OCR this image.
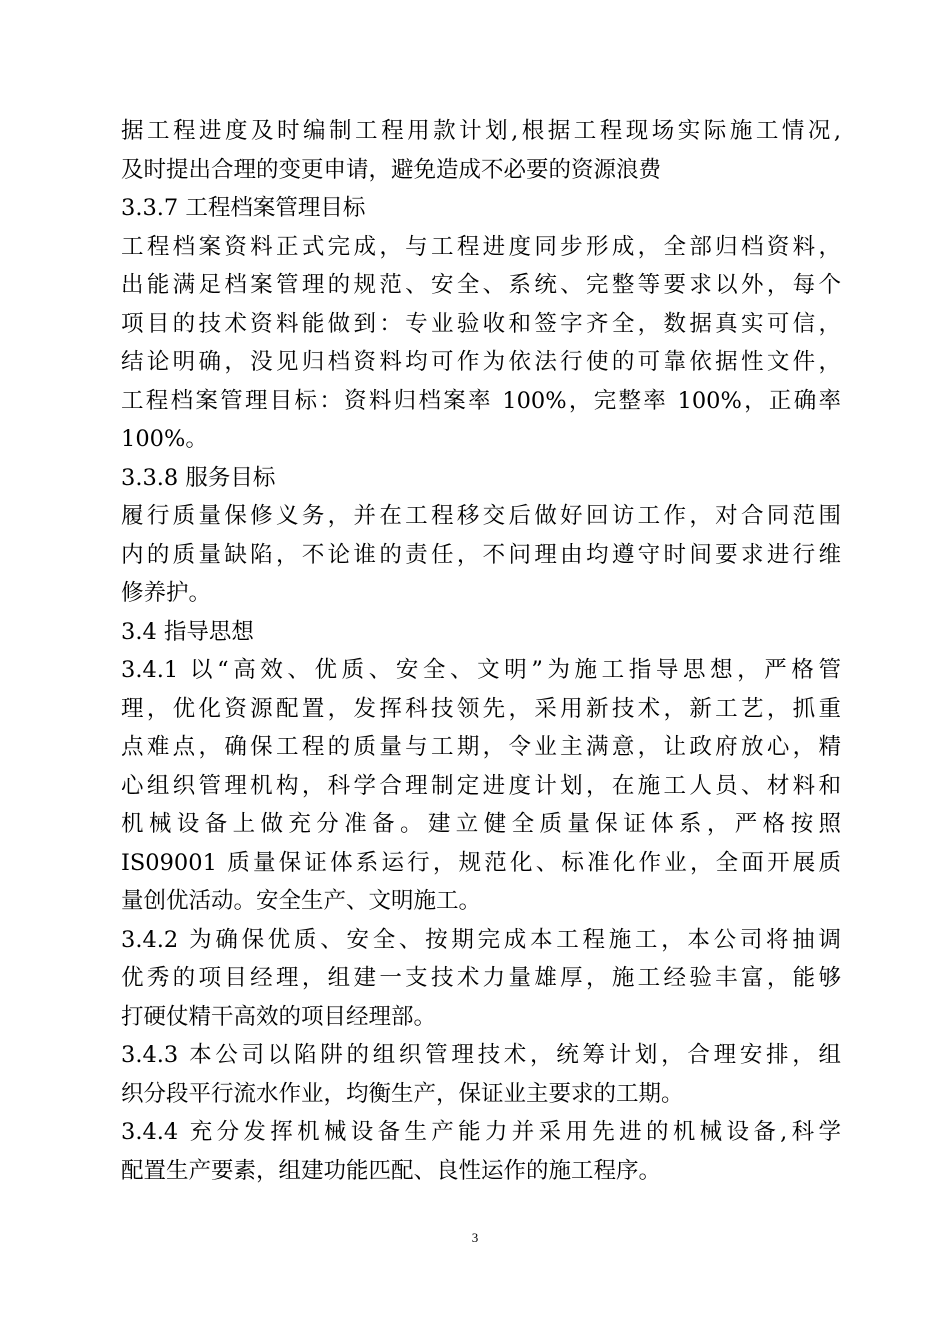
据工程进度及时编制工程用款计划,根据工程现场实际施工情况,
及时提出合理的变更申请，避免造成不必要的资源浪费
3.3.7 工程档案管理目标
工程档案资料正式完成，与工程进度同步形成，全部归档资料，
出能满足档案管理的规范、安全、系统、完整等要求以外，每个
项目的技术资料能做到：专业验收和签字齐全，数据真实可信，
结论明确，没见归档资料均可作为依法行使的可靠依据性文件，
工程档案管理目标：资料归档案率 100%，完整率 100%，正确率
100%。
3.3.8 服务目标
履行质量保修义务，并在工程移交后做好回访工作，对合同范围
内的质量缺陷，不论谁的责任，不问理由均遵守时间要求进行维
修养护。
3.4 指导思想
3.4.1 以“高效、优质、安全、文明”为施工指导思想，严格管
理，优化资源配置，发挥科技领先，采用新技术，新工艺，抓重
点难点，确保工程的质量与工期，令业主满意，让政府放心，精
心组织管理机构，科学合理制定进度计划，在施工人员、材料和
机械设备上做充分准备。建立健全质量保证体系，严格按照
IS09001 质量保证体系运行，规范化、标准化作业，全面开展质
量创优活动。安全生产、文明施工。
3.4.2 为确保优质、安全、按期完成本工程施工，本公司将抽调
优秀的项目经理，组建一支技术力量雄厚，施工经验丰富，能够
打硬仗精干高效的项目经理部。
3.4.3 本公司以陷阱的组织管理技术，统筹计划，合理安排，组
织分段平行流水作业，均衡生产，保证业主要求的工期。
3.4.4 充分发挥机械设备生产能力并采用先进的机械设备,科学
配置生产要素，组建功能匹配、良性运作的施工程序。
3
